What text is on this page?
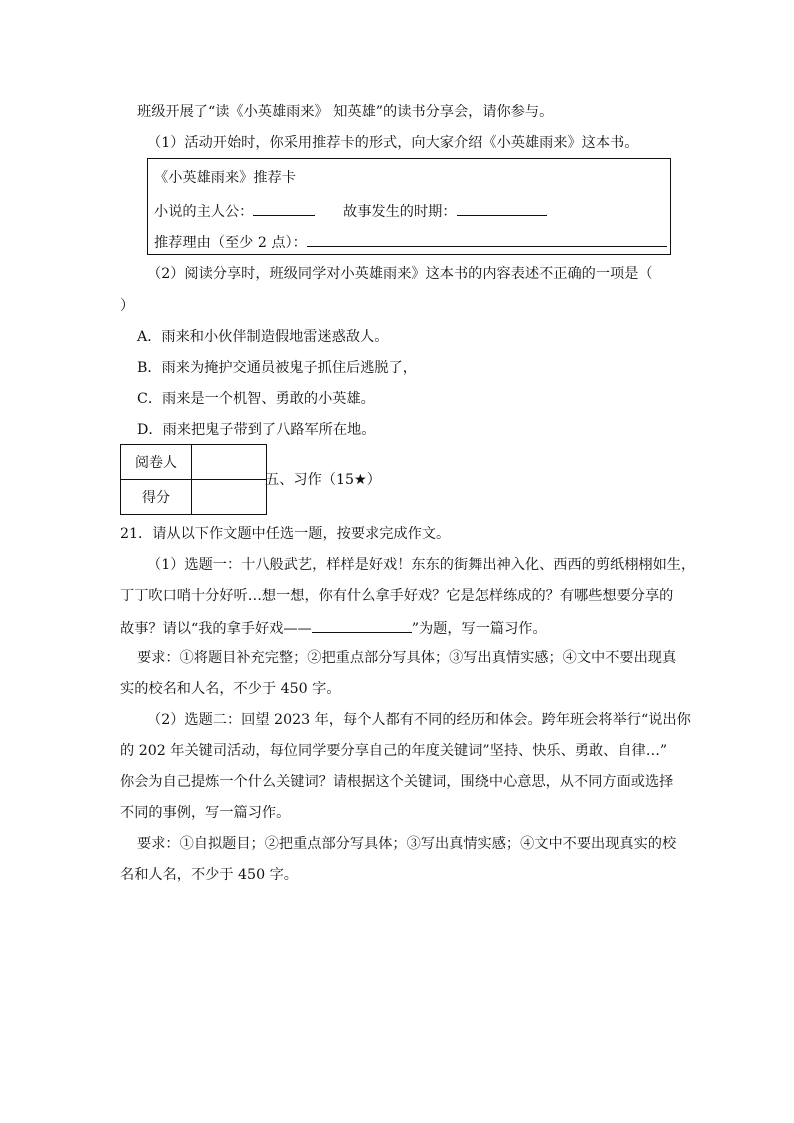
班级开展了“读《小英雄雨来》 知英雄”的读书分享会，请你参与。
（1）活动开始时，你采用推荐卡的形式，向大家介绍《小英雄雨来》这本书。
《小英雄雨来》推荐卡
小说的主人公：	故事发生的时期：
推荐理由（至少 2 点）：
（2）阅读分享时，班级同学对小英雄雨来》这本书的内容表述不正确的一项是（
）
A．雨来和小伙伴制造假地雷迷惑敌人。
B．雨来为掩护交通员被鬼子抓住后逃脱了，
C．雨来是一个机智、勇敢的小英雄。
D．雨来把鬼子带到了八路军所在地。
阅卷人	
得分	
五、习作（15★）
21．请从以下作文题中任选一题，按要求完成作文。
（1）选题一：十八般武艺，样样是好戏！东东的街舞出神入化、西西的剪纸栩栩如生，
丁丁吹口哨十分好听…想一想，你有什么拿手好戏？它是怎样练成的？有哪些想要分享的
故事？请以“我的拿手好戏——	”为题，写一篇习作。
要求：①将题目补充完整；②把重点部分写具体；③写出真情实感；④文中不要出现真
实的校名和人名，不少于 450 字。
（2）选题二：回望 2023 年，每个人都有不同的经历和体会。跨年班会将举行“说出你
的 202 年关键司活动，每位同学要分享自己的年度关键词”坚持、快乐、勇敢、自律…”
你会为自己提炼一个什么关键词？请根据这个关键词，围绕中心意思，从不同方面或选择
不同的事例，写一篇习作。
要求：①自拟题目；②把重点部分写具体；③写出真情实感；④文中不要出现真实的校
名和人名，不少于 450 字。
